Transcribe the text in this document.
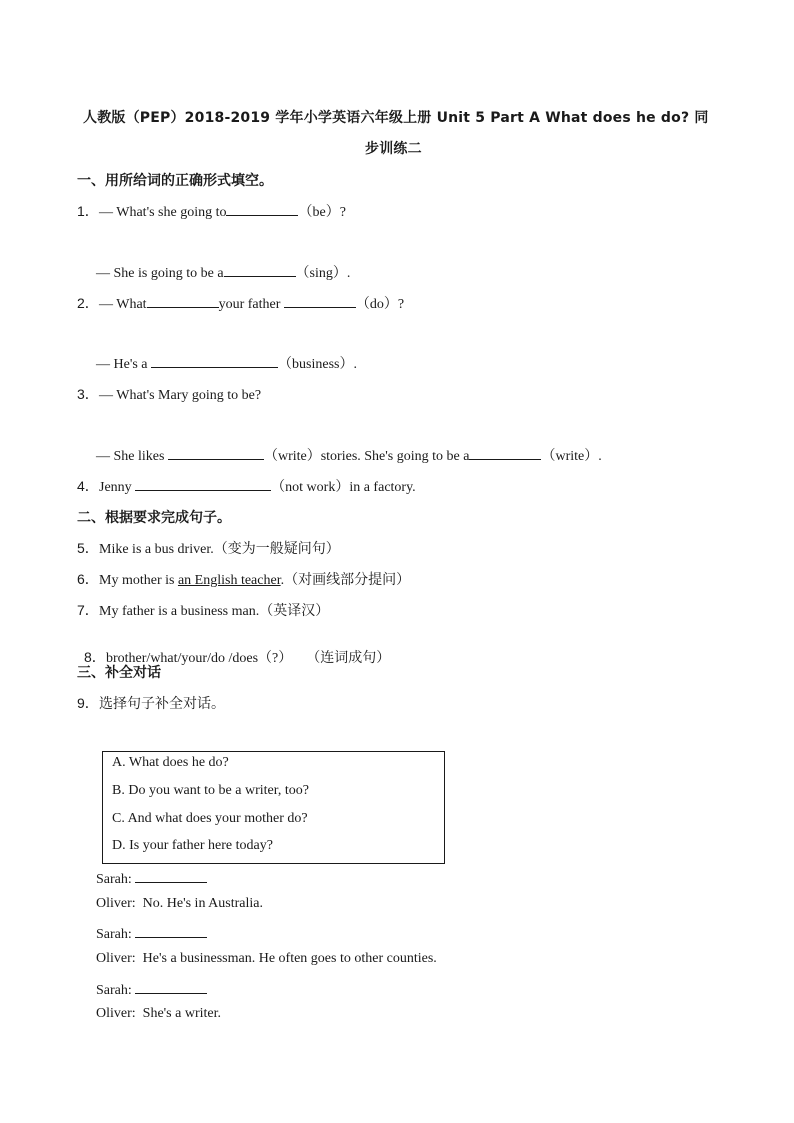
人教版（PEP）2018-2019 学年小学英语六年级上册 Unit 5 Part A What does he do? 同
步训练二
一、用所给词的正确形式填空。
1．— What's she going to	（be）?
— She is going to be a	（sing）.
2．— What	your father	（do）?
— He's a	（business）.
3．— What's Mary going to be?
— She likes	（write）stories. She's going to be a	（write）.
4．Jenny	（not work）in a factory.
二、根据要求完成句子。
5．Mike is a bus driver.（变为一般疑问句）
6．My mother is an English teacher.（对画线部分提问）
7．My father is a business man.（英译汉）

8．brother/what/your/do /does（?）    （连词成句）

三、补全对话
9．选择句子补全对话。
A. What does he do?
B. Do you want to be a writer, too?
C. And what does your mother do?
D. Is your father here today?
Sarah:
Oliver: No. He's in Australia.
Sarah:
Oliver: He's a businessman. He often goes to other counties.
Sarah:
Oliver: She's a writer.
